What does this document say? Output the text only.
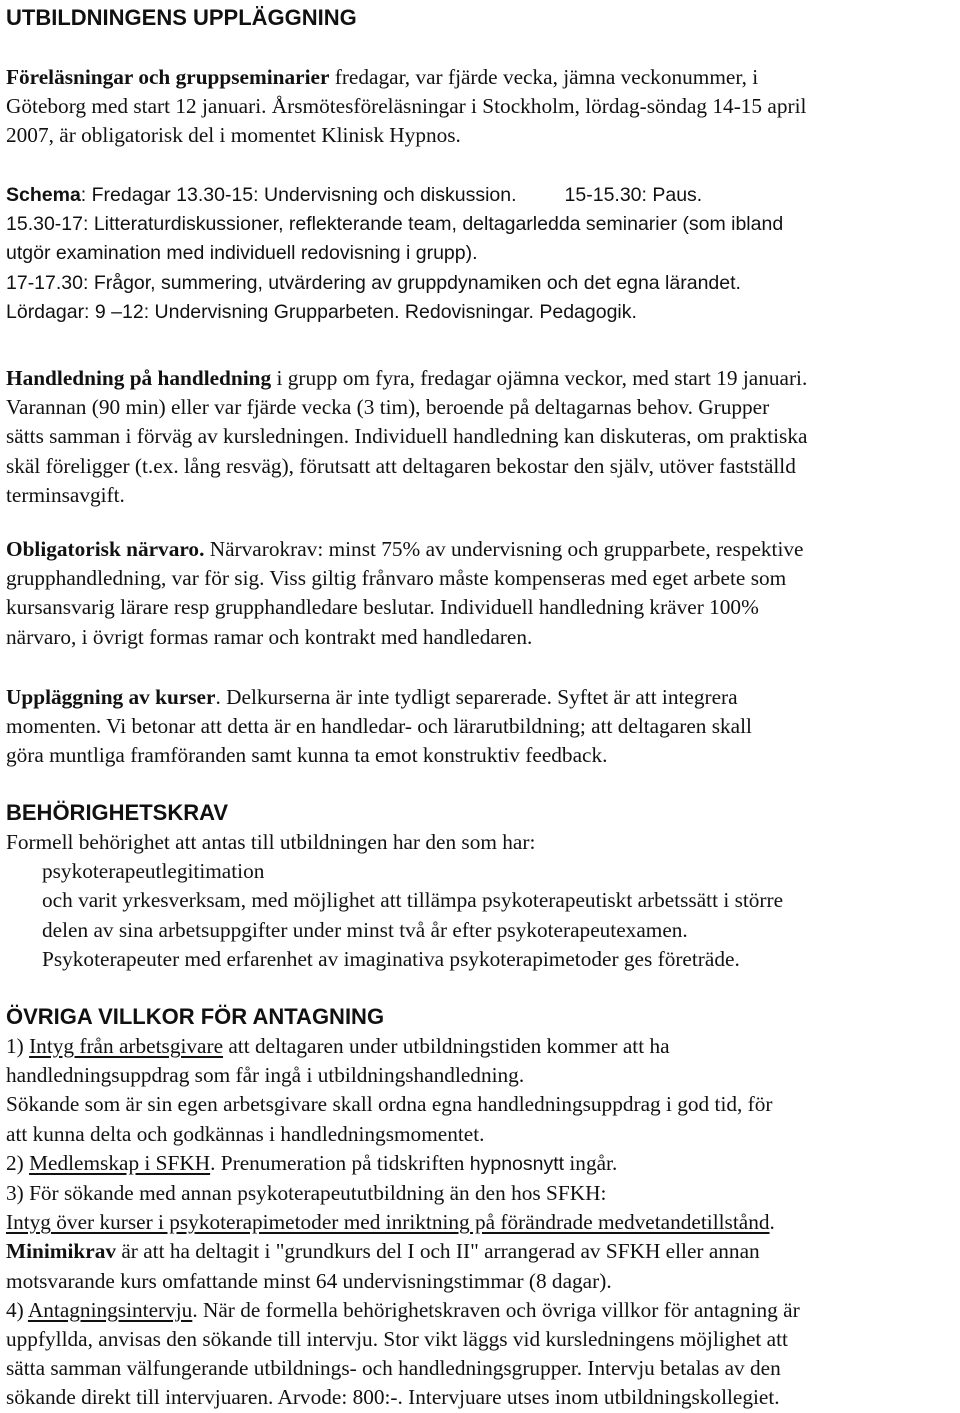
UTBILDNINGENS UPPLÄGGNING
Föreläsningar och gruppseminarier fredagar, var fjärde vecka, jämna veckonummer, i
Göteborg med start 12 januari. Årsmötesföreläsningar i Stockholm, lördag-söndag 14-15 april
2007, är obligatorisk del i momentet Klinisk Hypnos.
Schema: Fredagar 13.30-15: Undervisning och diskussion. 15-15.30: Paus.
15.30-17: Litteraturdiskussioner, reflekterande team, deltagarledda seminarier (som ibland
utgör examination med individuell redovisning i grupp).
17-17.30: Frågor, summering, utvärdering av gruppdynamiken och det egna lärandet.
Lördagar: 9 –12: Undervisning Grupparbeten. Redovisningar. Pedagogik.
Handledning på handledning i grupp om fyra, fredagar ojämna veckor, med start 19 januari.
Varannan (90 min) eller var fjärde vecka (3 tim), beroende på deltagarnas behov. Grupper
sätts samman i förväg av kursledningen. Individuell handledning kan diskuteras, om praktiska
skäl föreligger (t.ex. lång resväg), förutsatt att deltagaren bekostar den själv, utöver fastställd
terminsavgift.
Obligatorisk närvaro. Närvarokrav: minst 75% av undervisning och grupparbete, respektive
grupphandledning, var för sig. Viss giltig frånvaro måste kompenseras med eget arbete som
kursansvarig lärare resp grupphandledare beslutar. Individuell handledning kräver 100%
närvaro, i övrigt formas ramar och kontrakt med handledaren.
Uppläggning av kurser. Delkurserna är inte tydligt separerade. Syftet är att integrera
momenten. Vi betonar att detta är en handledar- och lärarutbildning; att deltagaren skall
göra muntliga framföranden samt kunna ta emot konstruktiv feedback.
BEHÖRIGHETSKRAV
Formell behörighet att antas till utbildningen har den som har:
psykoterapeutlegitimation
och varit yrkesverksam, med möjlighet att tillämpa psykoterapeutiskt arbetssätt i större
delen av sina arbetsuppgifter under minst två år efter psykoterapeutexamen.
Psykoterapeuter med erfarenhet av imaginativa psykoterapimetoder ges företräde.
ÖVRIGA VILLKOR FÖR ANTAGNING
1) Intyg från arbetsgivare att deltagaren under utbildningstiden kommer att ha
handledningsuppdrag som får ingå i utbildningshandledning.
Sökande som är sin egen arbetsgivare skall ordna egna handledningsuppdrag i god tid, för
att kunna delta och godkännas i handledningsmomentet.
2) Medlemskap i SFKH. Prenumeration på tidskriften hypnosnytt ingår.
3) För sökande med annan psykoterapeututbildning än den hos SFKH:
Intyg över kurser i psykoterapimetoder med inriktning på förändrade medvetandetillstånd.
Minimikrav är att ha deltagit i "grundkurs del I och II" arrangerad av SFKH eller annan
motsvarande kurs omfattande minst 64 undervisningstimmar (8 dagar).
4) Antagningsintervju. När de formella behörighetskraven och övriga villkor för antagning är
uppfyllda, anvisas den sökande till intervju. Stor vikt läggs vid kursledningens möjlighet att
sätta samman välfungerande utbildnings- och handledningsgrupper. Intervju betalas av den
sökande direkt till intervjuaren. Arvode: 800:-. Intervjuare utses inom utbildningskollegiet.
